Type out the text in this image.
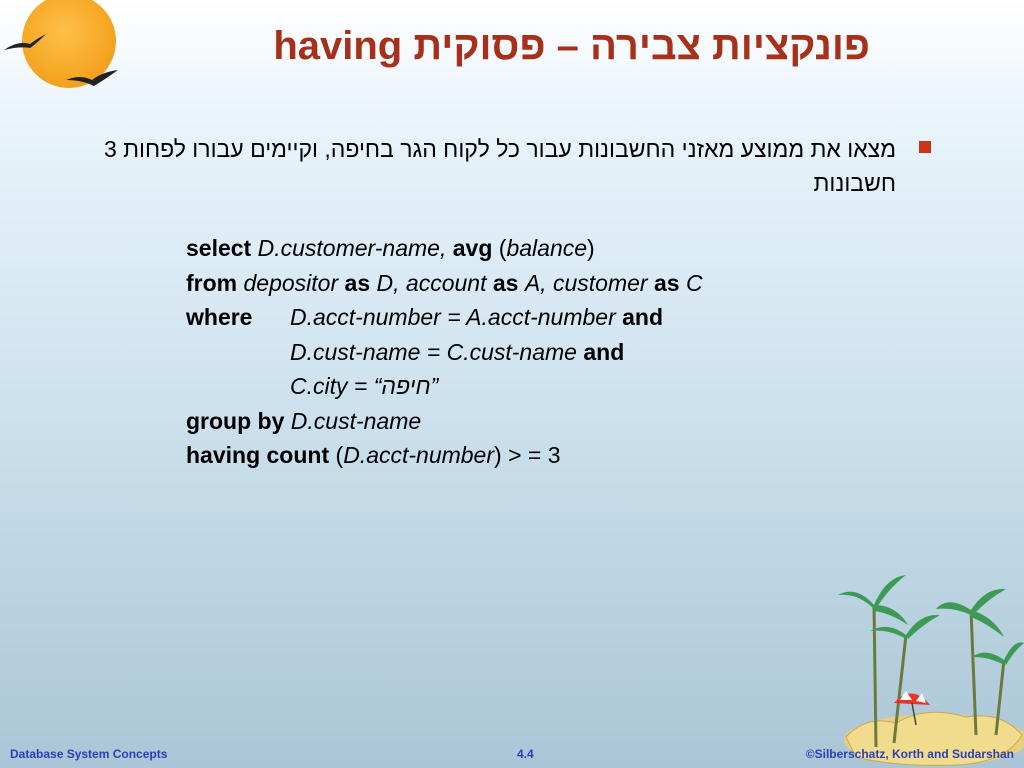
פונקציות צבירה – פסוקית having

מצאו את ממוצע מאזני החשבונות עבור כל לקוח הגר בחיפה, וקיימים עבורו לפחות 3 חשבונות

select D.customer-name, avg (balance)
from depositor as D, account as A, customer as C
where D.acct-number = A.acct-number and
D.cust-name = C.cust-name and
C.city = “חיפה”
group by D.cust-name
having count (D.acct-number) > = 3
Database System Concepts	4.4	©Silberschatz, Korth and Sudarshan
